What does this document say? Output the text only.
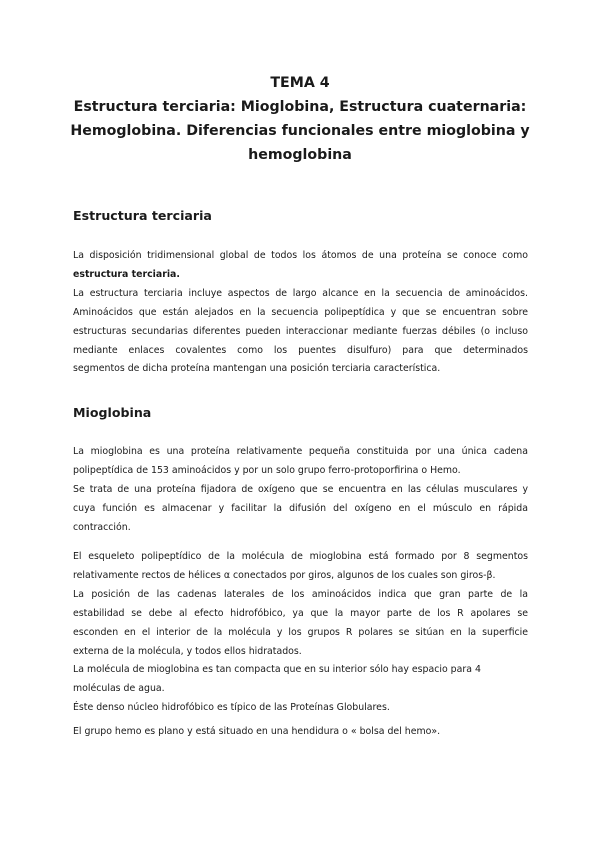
TEMA 4
Estructura terciaria: Mioglobina, Estructura cuaternaria:
Hemoglobina. Diferencias funcionales entre mioglobina y
hemoglobina
Estructura terciaria
La disposición tridimensional global de todos los átomos de una proteína se conoce como
estructura terciaria.
La estructura terciaria incluye aspectos de largo alcance en la secuencia de aminoácidos.
Aminoácidos que están alejados en la secuencia polipeptídica y que se encuentran sobre
estructuras secundarias diferentes pueden interaccionar mediante fuerzas débiles (o incluso
mediante enlaces covalentes como los puentes disulfuro) para que determinados
segmentos de dicha proteína mantengan una posición terciaria característica.
Mioglobina
La mioglobina es una proteína relativamente pequeña constituida por una única cadena
polipeptídica de 153 aminoácidos y por un solo grupo ferro-protoporfirina o Hemo.
Se trata de una proteína fijadora de oxígeno que se encuentra en las células musculares y
cuya función es almacenar y facilitar la difusión del oxígeno en el músculo en rápida
contracción.
El esqueleto polipeptídico de la molécula de mioglobina está formado por 8 segmentos
relativamente rectos de hélices α conectados por giros, algunos de los cuales son giros-β.
La posición de las cadenas laterales de los aminoácidos indica que gran parte de la
estabilidad se debe al efecto hidrofóbico, ya que la mayor parte de los R apolares se
esconden en el interior de la molécula y los grupos R polares se sitúan en la superficie
externa de la molécula, y todos ellos hidratados.
La molécula de mioglobina es tan compacta que en su interior sólo hay espacio para 4
moléculas de agua.
Éste denso núcleo hidrofóbico es típico de las Proteínas Globulares.
El grupo hemo es plano y está situado en una hendidura o « bolsa del hemo».
